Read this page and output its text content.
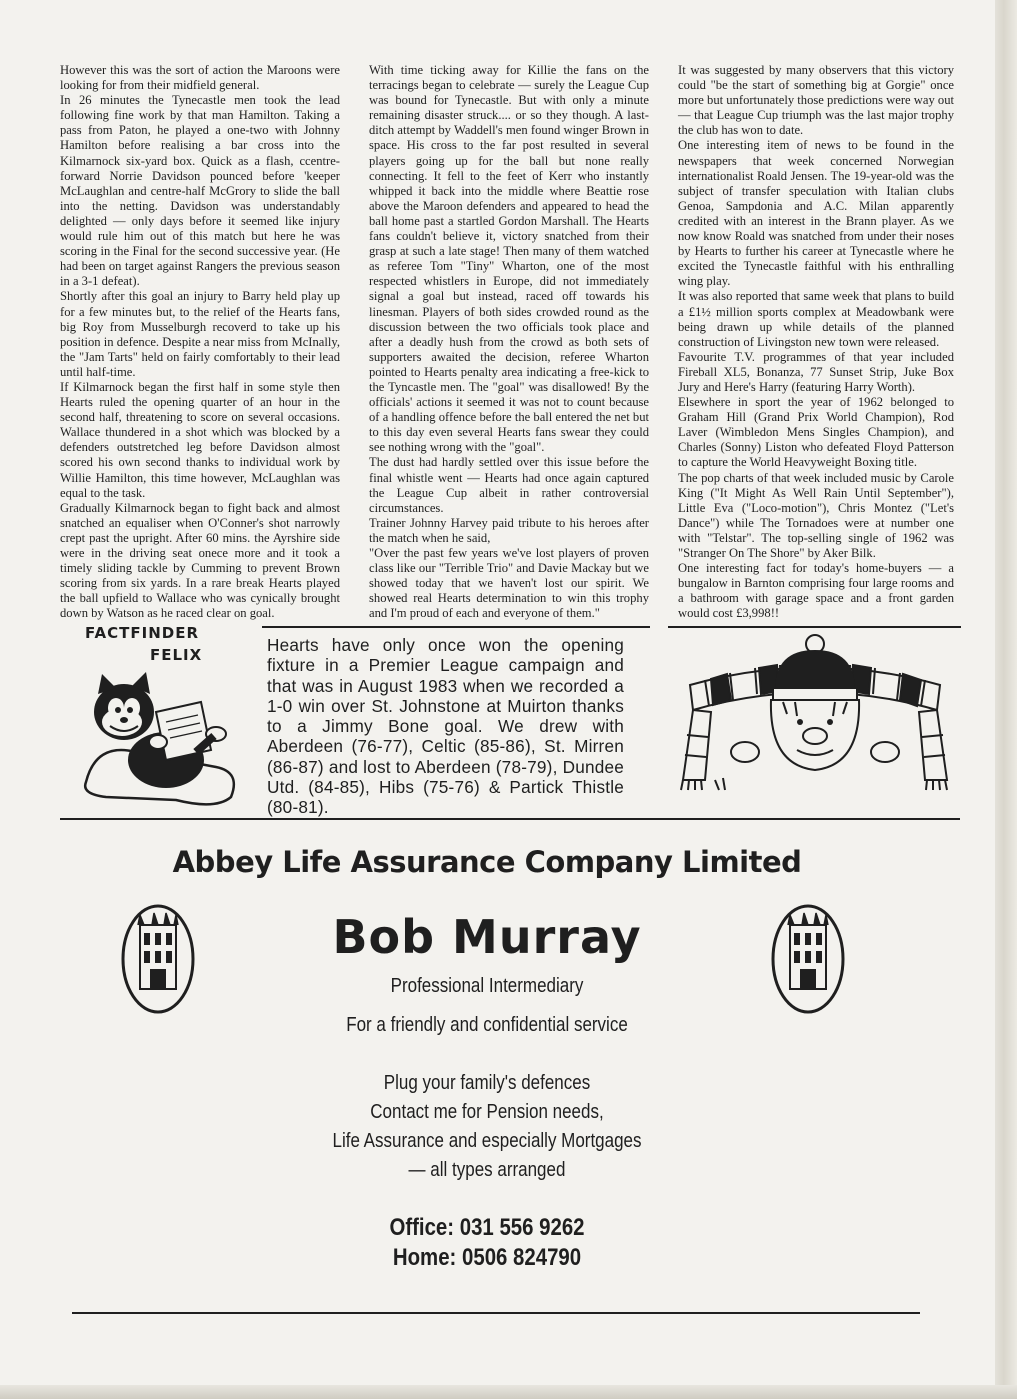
However this was the sort of action the Maroons were looking for from their midfield general.

In 26 minutes the Tynecastle men took the lead following fine work by that man Hamilton. Taking a pass from Paton, he played a one-two with Johnny Hamilton before realising a bar cross into the Kilmarnock six-yard box. Quick as a flash, ccentre-forward Norrie Davidson pounced before 'keeper McLaughlan and centre-half McGrory to slide the ball into the netting. Davidson was understandably delighted — only days before it seemed like injury would rule him out of this match but here he was scoring in the Final for the second successive year. (He had been on target against Rangers the previous season in a 3-1 defeat).

Shortly after this goal an injury to Barry held play up for a few minutes but, to the relief of the Hearts fans, big Roy from Musselburgh recoverd to take up his position in defence. Despite a near miss from McInally, the "Jam Tarts" held on fairly comfortably to their lead until half-time.

If Kilmarnock began the first half in some style then Hearts ruled the opening quarter of an hour in the second half, threatening to score on several occasions. Wallace thundered in a shot which was blocked by a defenders outstretched leg before Davidson almost scored his own second thanks to individual work by Willie Hamilton, this time however, McLaughlan was equal to the task.

Gradually Kilmarnock began to fight back and almost snatched an equaliser when O'Conner's shot narrowly crept past the upright. After 60 mins. the Ayrshire side were in the driving seat onece more and it took a timely sliding tackle by Cumming to prevent Brown scoring from six yards. In a rare break Hearts played the ball upfield to Wallace who was cynically brought down by Watson as he raced clear on goal.

With time ticking away for Killie the fans on the terracings began to celebrate — surely the League Cup was bound for Tynecastle. But with only a minute remaining disaster struck.... or so they though. A last-ditch attempt by Waddell's men found winger Brown in space. His cross to the far post resulted in several players going up for the ball but none really connecting. It fell to the feet of Kerr who instantly whipped it back into the middle where Beattie rose above the Maroon defenders and appeared to head the ball home past a startled Gordon Marshall. The Hearts fans couldn't believe it, victory snatched from their grasp at such a late stage! Then many of them watched as referee Tom "Tiny" Wharton, one of the most respected whistlers in Europe, did not immediately signal a goal but instead, raced off towards his linesman. Players of both sides crowded round as the discussion between the two officials took place and after a deadly hush from the crowd as both sets of supporters awaited the decision, referee Wharton pointed to Hearts penalty area indicating a free-kick to the Tyncastle men. The "goal" was disallowed! By the officials' actions it seemed it was not to count because of a handling offence before the ball entered the net but to this day even several Hearts fans swear they could see nothing wrong with the "goal".

The dust had hardly settled over this issue before the final whistle went — Hearts had once again captured the League Cup albeit in rather controversial circumstances.

Trainer Johnny Harvey paid tribute to his heroes after the match when he said,

"Over the past few years we've lost players of proven class like our "Terrible Trio" and Davie Mackay but we showed today that we haven't lost our spirit. We showed real Hearts determination to win this trophy and I'm proud of each and everyone of them."

It was suggested by many observers that this victory could "be the start of something big at Gorgie" once more but unfortunately those predictions were way out — that League Cup triumph was the last major trophy the club has won to date.

One interesting item of news to be found in the newspapers that week concerned Norwegian internationalist Roald Jensen. The 19-year-old was the subject of transfer speculation with Italian clubs Genoa, Sampdonia and A.C. Milan apparently credited with an interest in the Brann player. As we now know Roald was snatched from under their noses by Hearts to further his career at Tynecastle where he excited the Tynecastle faithful with his enthralling wing play.

It was also reported that same week that plans to build a £1½ million sports complex at Meadowbank were being drawn up while details of the planned construction of Livingston new town were released.

Favourite T.V. programmes of that year included Fireball XL5, Bonanza, 77 Sunset Strip, Juke Box Jury and Here's Harry (featuring Harry Worth).

Elsewhere in sport the year of 1962 belonged to Graham Hill (Grand Prix World Champion), Rod Laver (Wimbledon Mens Singles Champion), and Charles (Sonny) Liston who defeated Floyd Patterson to capture the World Heavyweight Boxing title.

The pop charts of that week included music by Carole King ("It Might As Well Rain Until September"), Little Eva ("Loco-motion"), Chris Montez ("Let's Dance") while The Tornadoes were at number one with "Telstar". The top-selling single of 1962 was "Stranger On The Shore" by Aker Bilk.

One interesting fact for today's home-buyers — a bungalow in Barnton comprising four large rooms and a bathroom with garage space and a front garden would cost £3,998!!

FACTFINDER
FELIX	Hearts have only once won the opening fixture in a Premier League campaign and that was in August 1983 when we recorded a 1-0 win over St. Johnstone at Muirton thanks to a Jimmy Bone goal. We drew with Aberdeen (76-77), Celtic (85-86), St. Mirren (86-87) and lost to Aberdeen (78-79), Dundee Utd. (84-85), Hibs (75-76) & Partick Thistle (80-81).
Abbey Life Assurance Company Limited
Bob Murray
Professional Intermediary
For a friendly and confidential service
Plug your family's defences
Contact me for Pension needs,
Life Assurance and especially Mortgages
— all types arranged
Office: 031 556 9262
Home: 0506 824790
